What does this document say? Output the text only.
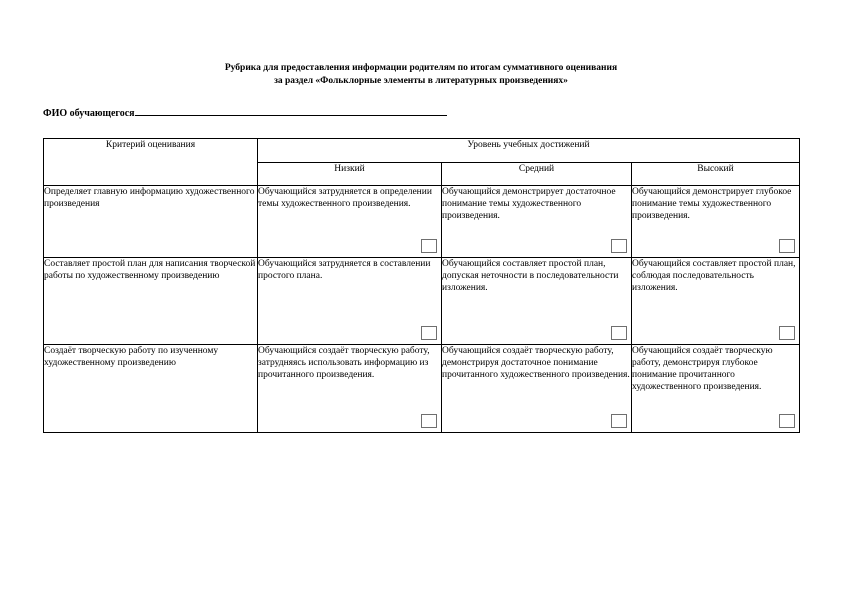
Рубрика для предоставления информации родителям по итогам суммативного оценивания
за раздел «Фольклорные элементы в литературных произведениях»
ФИО обучающегося
Критерий оценивания	Уровень учебных достижений		
	Низкий	Средний	Высокий
Определяет главную информацию художественного произведения	Обучающийся затрудняется в определении темы художественного произведения.	Обучающийся демонстрирует достаточное понимание темы художественного произведения.	Обучающийся демонстрирует глубокое понимание темы художественного произведения.

Составляет простой план для написания творческой работы по художественному произведению	Обучающийся затрудняется в составлении простого плана.	Обучающийся составляет простой план, допуская неточности в последовательности изложения.	Обучающийся составляет простой план, соблюдая последовательность изложения.

Создаёт творческую работу по изученному художественному произведению	Обучающийся создаёт творческую работу, затрудняясь использовать информацию из прочитанного произведения.	Обучающийся создаёт творческую работу, демонстрируя достаточное понимание прочитанного художественного произведения.	Обучающийся создаёт творческую работу, демонстрируя глубокое понимание прочитанного художественного произведения.
